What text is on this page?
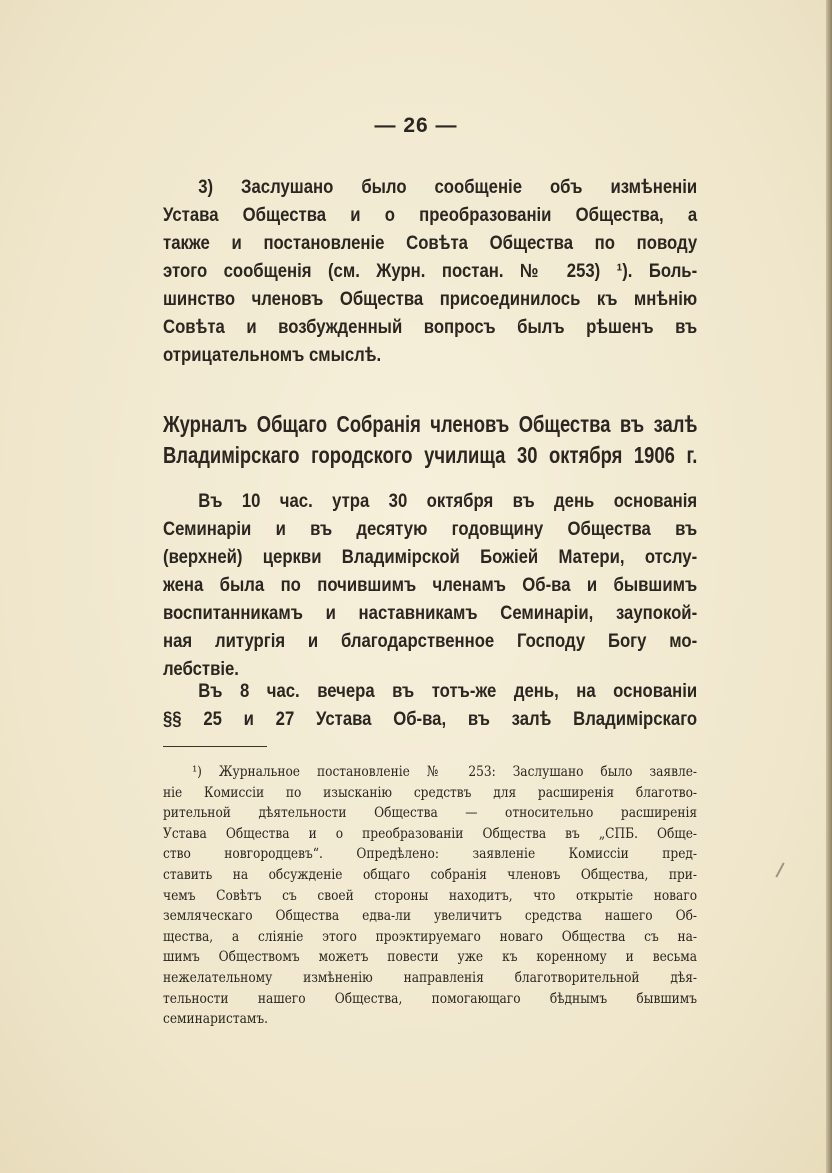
— 26 —
3) Заслушано было сообщеніе объ измѣненіи
Устава Общества и о преобразованіи Общества, а
также и постановленіе Совѣта Общества по поводу
этого сообщенія (см. Журн. постан. № 253) ¹). Боль-
шинство членовъ Общества присоединилось къ мнѣнію
Совѣта и возбужденный вопросъ былъ рѣшенъ въ
отрицательномъ смыслѣ.
Журналъ Общаго Собранія членовъ Общества въ залѣ
Владимірскаго городского училища 30 октября 1906 г.
Въ 10 час. утра 30 октября въ день основанія
Семинаріи и въ десятую годовщину Общества въ
(верхней) церкви Владимірской Божіей Матери, отслу-
жена была по почившимъ членамъ Об-ва и бывшимъ
воспитанникамъ и наставникамъ Семинаріи, заупокой-
ная литургія и благодарственное Господу Богу мо-
лебствіе.
Въ 8 час. вечера въ тотъ-же день, на основаніи
§§ 25 и 27 Устава Об-ва, въ залѣ Владимірскаго
¹) Журнальное постановленіе № 253: Заслушано было заявле-
ніе Комиссіи по изысканію средствъ для расширенія благотво-
рительной дѣятельности Общества — относительно расширенія
Устава Общества и о преобразованіи Общества въ „СПБ. Обще-
ство новгородцевъ“. Опредѣлено: заявленіе Комиссіи пред-
ставить на обсужденіе общаго собранія членовъ Общества, при-
чемъ Совѣтъ съ своей стороны находитъ, что открытіе новаго
земляческаго Общества едва-ли увеличитъ средства нашего Об-
щества, а сліяніе этого проэктируемаго новаго Общества съ на-
шимъ Обществомъ можетъ повести уже къ коренному и весьма
нежелательному измѣненію направленія благотворительной дѣя-
тельности нашего Общества, помогающаго бѣднымъ бывшимъ
семинаристамъ.
